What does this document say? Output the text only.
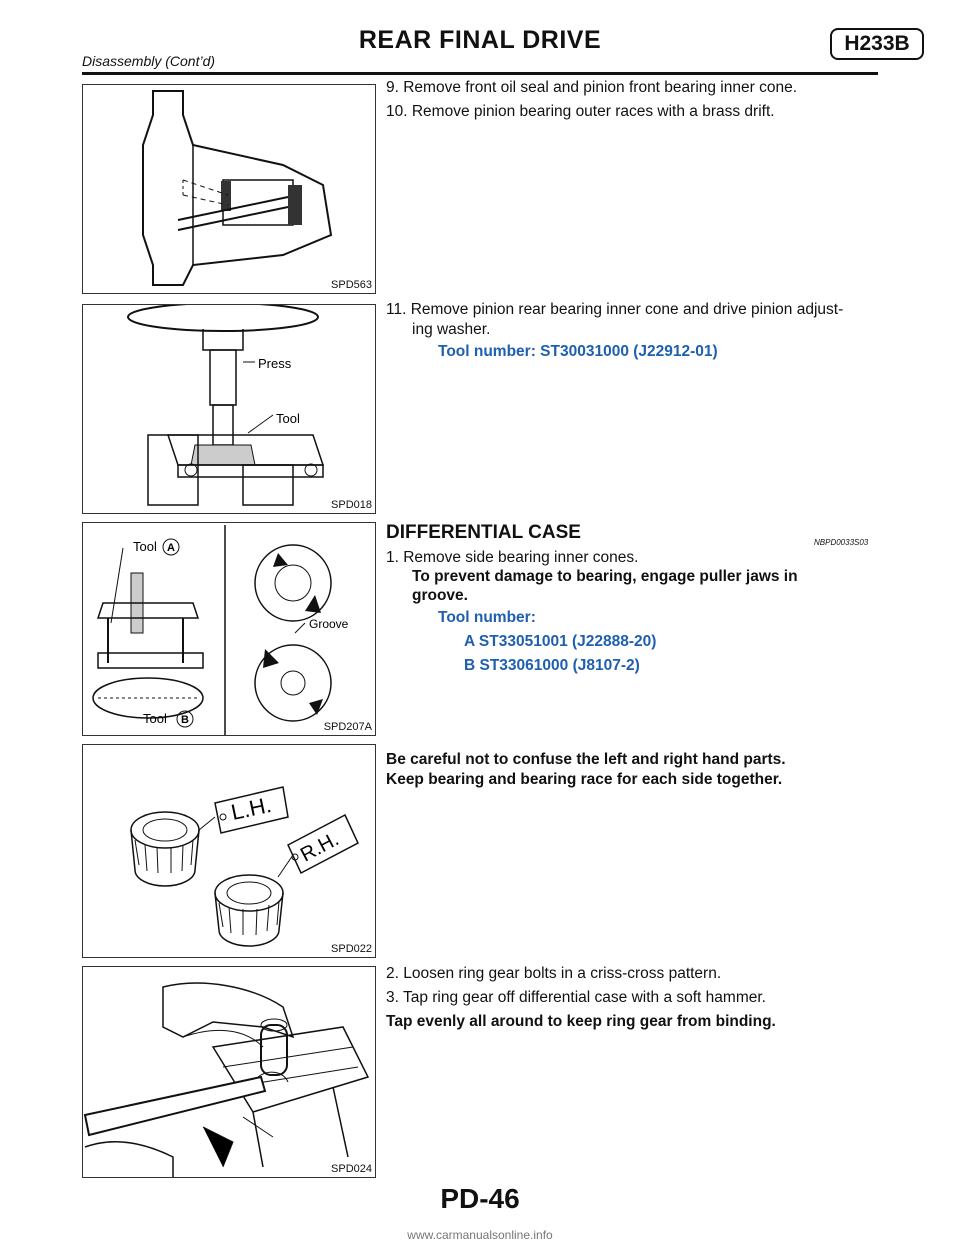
REAR FINAL DRIVE	H233B
Disassembly (Cont’d)
SPD563
Press
Tool
SPD018
Tool A
Tool B
Groove
SPD207A
L.H.
R.H.
SPD022
SPD024
9. Remove front oil seal and pinion front bearing inner cone.
10. Remove pinion bearing outer races with a brass drift.
11. Remove pinion rear bearing inner cone and drive pinion adjust-
ing washer.
Tool number: ST30031000 (J22912-01)
DIFFERENTIAL CASE	NBPD0033S03
1. Remove side bearing inner cones.
To prevent damage to bearing, engage puller jaws in
groove.
Tool number:
A ST33051001 (J22888-20)
B ST33061000 (J8107-2)
Be careful not to confuse the left and right hand parts.
Keep bearing and bearing race for each side together.
2. Loosen ring gear bolts in a criss-cross pattern.
3. Tap ring gear off differential case with a soft hammer.
Tap evenly all around to keep ring gear from binding.
PD-46
www.carmanualsonline.info
